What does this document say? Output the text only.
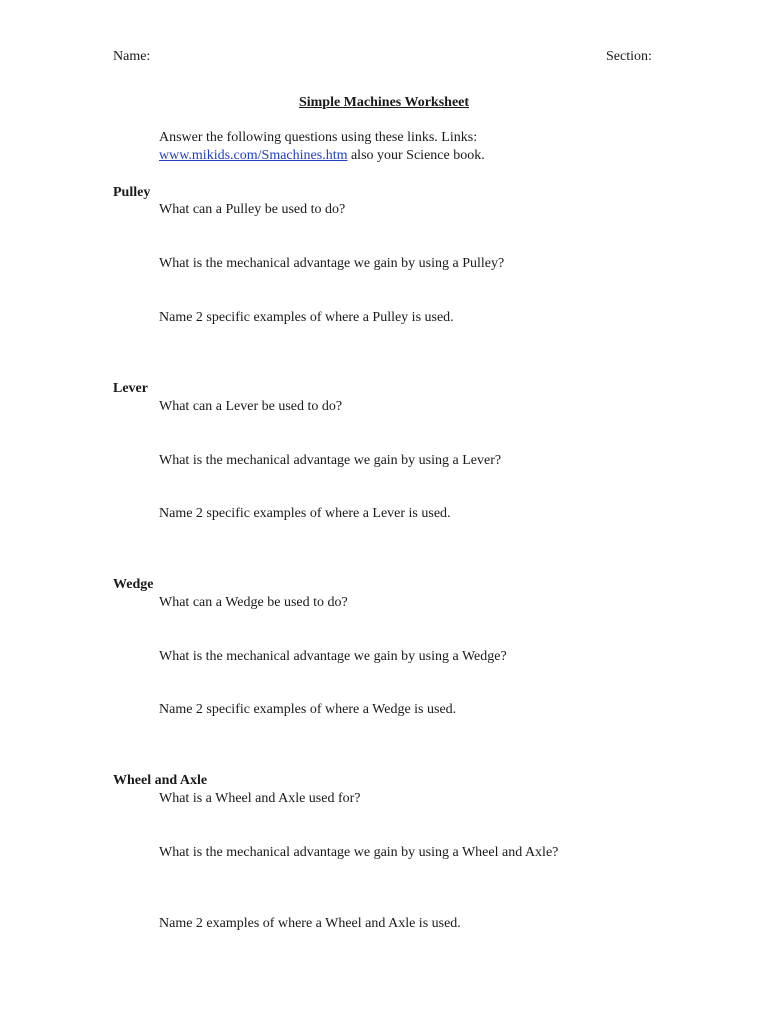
Name:	Section:
Simple Machines Worksheet
Answer the following questions using these links. Links:
www.mikids.com/Smachines.htm also your Science book.
Pulley
What can a Pulley be used to do?
What is the mechanical advantage we gain by using a Pulley?
Name 2 specific examples of where a Pulley is used.
Lever
What can a Lever be used to do?
What is the mechanical advantage we gain by using a Lever?
Name 2 specific examples of where a Lever is used.
Wedge
What can a Wedge be used to do?
What is the mechanical advantage we gain by using a Wedge?
Name 2 specific examples of where a Wedge is used.
Wheel and Axle
What is a Wheel and Axle used for?
What is the mechanical advantage we gain by using a Wheel and Axle?
Name 2 examples of where a Wheel and Axle is used.
